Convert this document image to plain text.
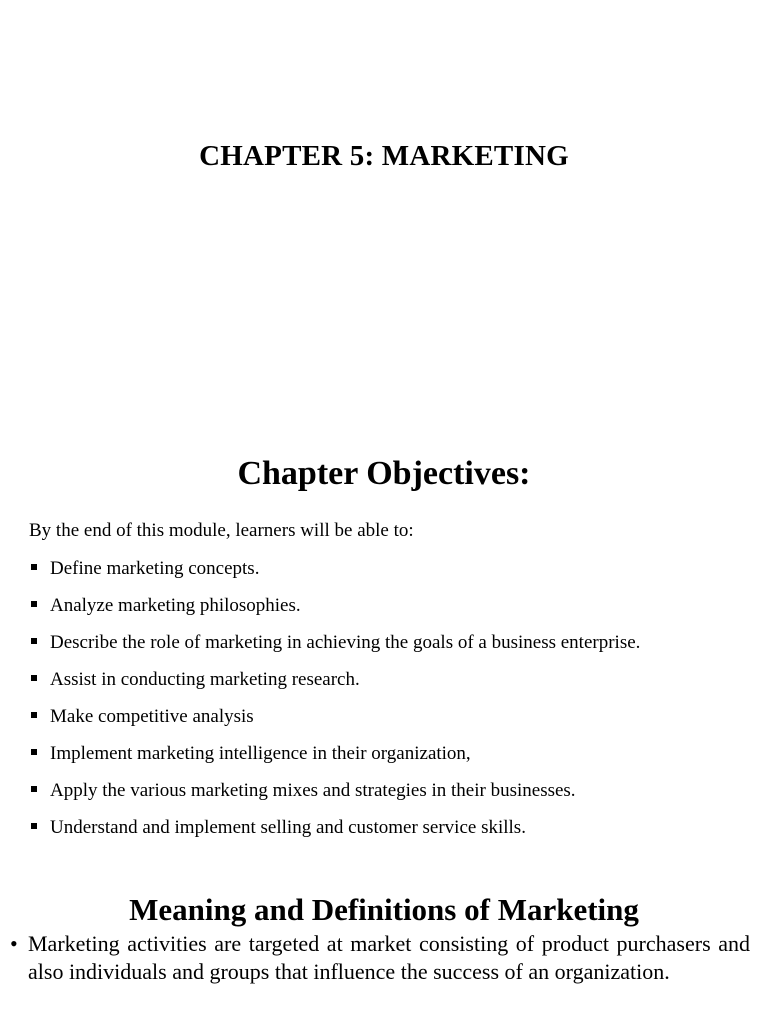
CHAPTER 5: MARKETING
Chapter Objectives:
By the end of this module, learners will be able to:
Define marketing concepts.
Analyze marketing philosophies.
Describe the role of marketing in achieving the goals of a business enterprise.
Assist in conducting marketing research.
Make competitive analysis
Implement marketing intelligence in their organization,
Apply the various marketing mixes and strategies in their businesses.
Understand and implement selling and customer service skills.
Meaning and Definitions of Marketing
• Marketing activities are targeted at market consisting of product purchasers and also individuals and groups that influence the success of an organization.
